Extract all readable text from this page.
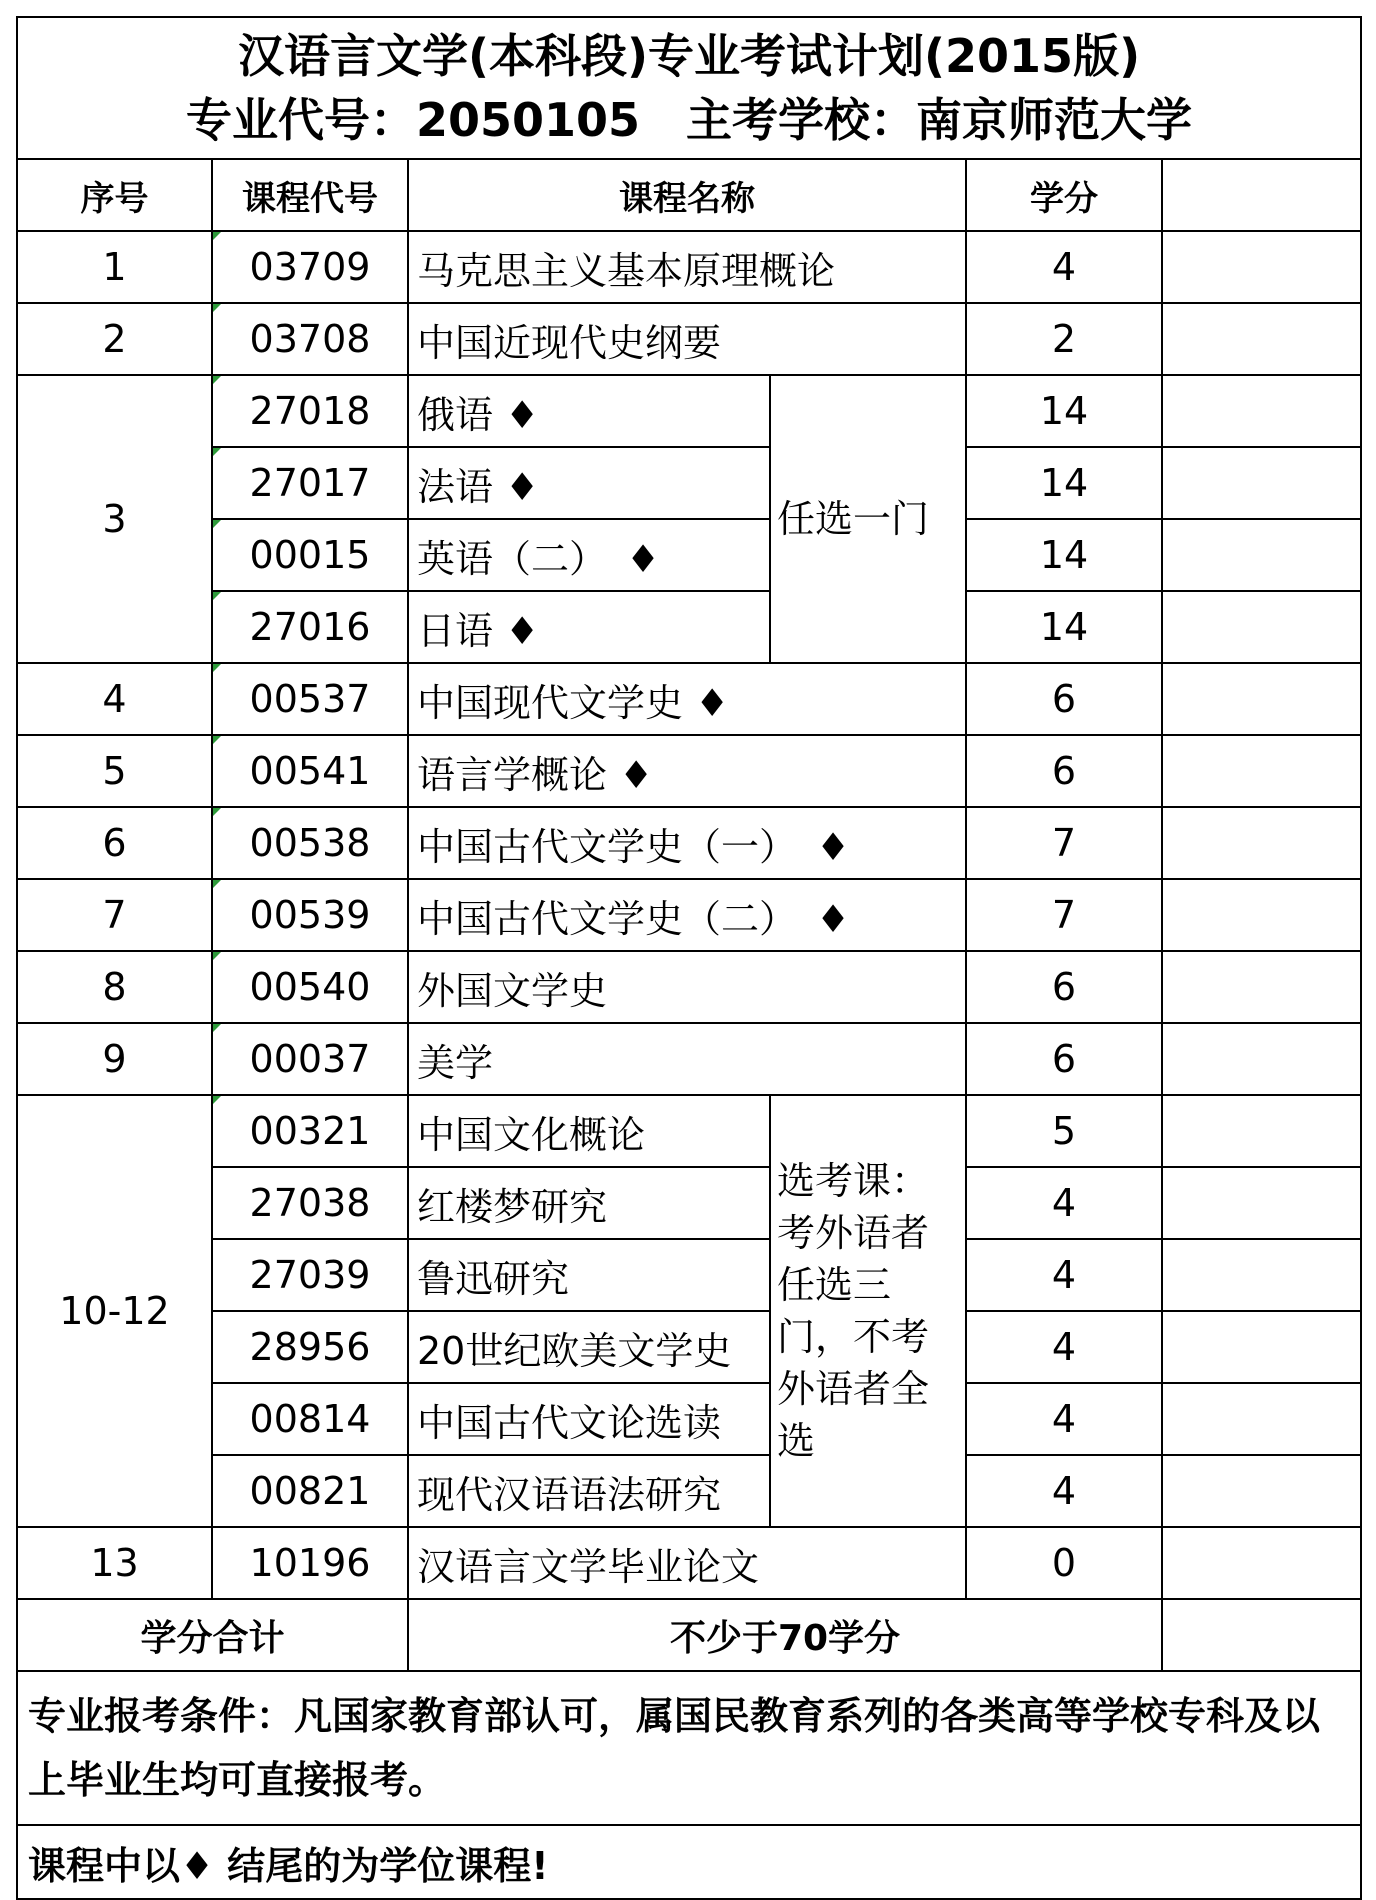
汉语言文学(本科段)专业考试计划(2015版)
专业代号：2050105　主考学校：南京师范大学					

序号	课程代号	课程名称		学分	
1	03709	马克思主义基本原理概论		4	
2	03708	中国近现代史纲要		2	
3	27018	俄语 ♦	任选一门	14	
	27017	法语 ♦		14	
	00015	英语（二）　♦		14	
	27016	日语 ♦		14	
4	00537	中国现代文学史 ♦		6	
5	00541	语言学概论 ♦		6	
6	00538	中国古代文学史（一）　♦		7	
7	00539	中国古代文学史（二）　♦		7	
8	00540	外国文学史		6	
9	00037	美学		6	
10-12	00321	中国文化概论	选考课：考外语者任选三门，不考外语者全选	5	
	27038	红楼梦研究		4	
	27039	鲁迅研究		4	
	28956	20世纪欧美文学史		4	
	00814	中国古代文论选读		4	
	00821	现代汉语语法研究		4	
13	10196	汉语言文学毕业论文		0	
学分合计		不少于70学分			
专业报考条件：凡国家教育部认可，属国民教育系列的各类高等学校专科及以上毕业生均可直接报考。					
课程中以♦ 结尾的为学位课程!					
